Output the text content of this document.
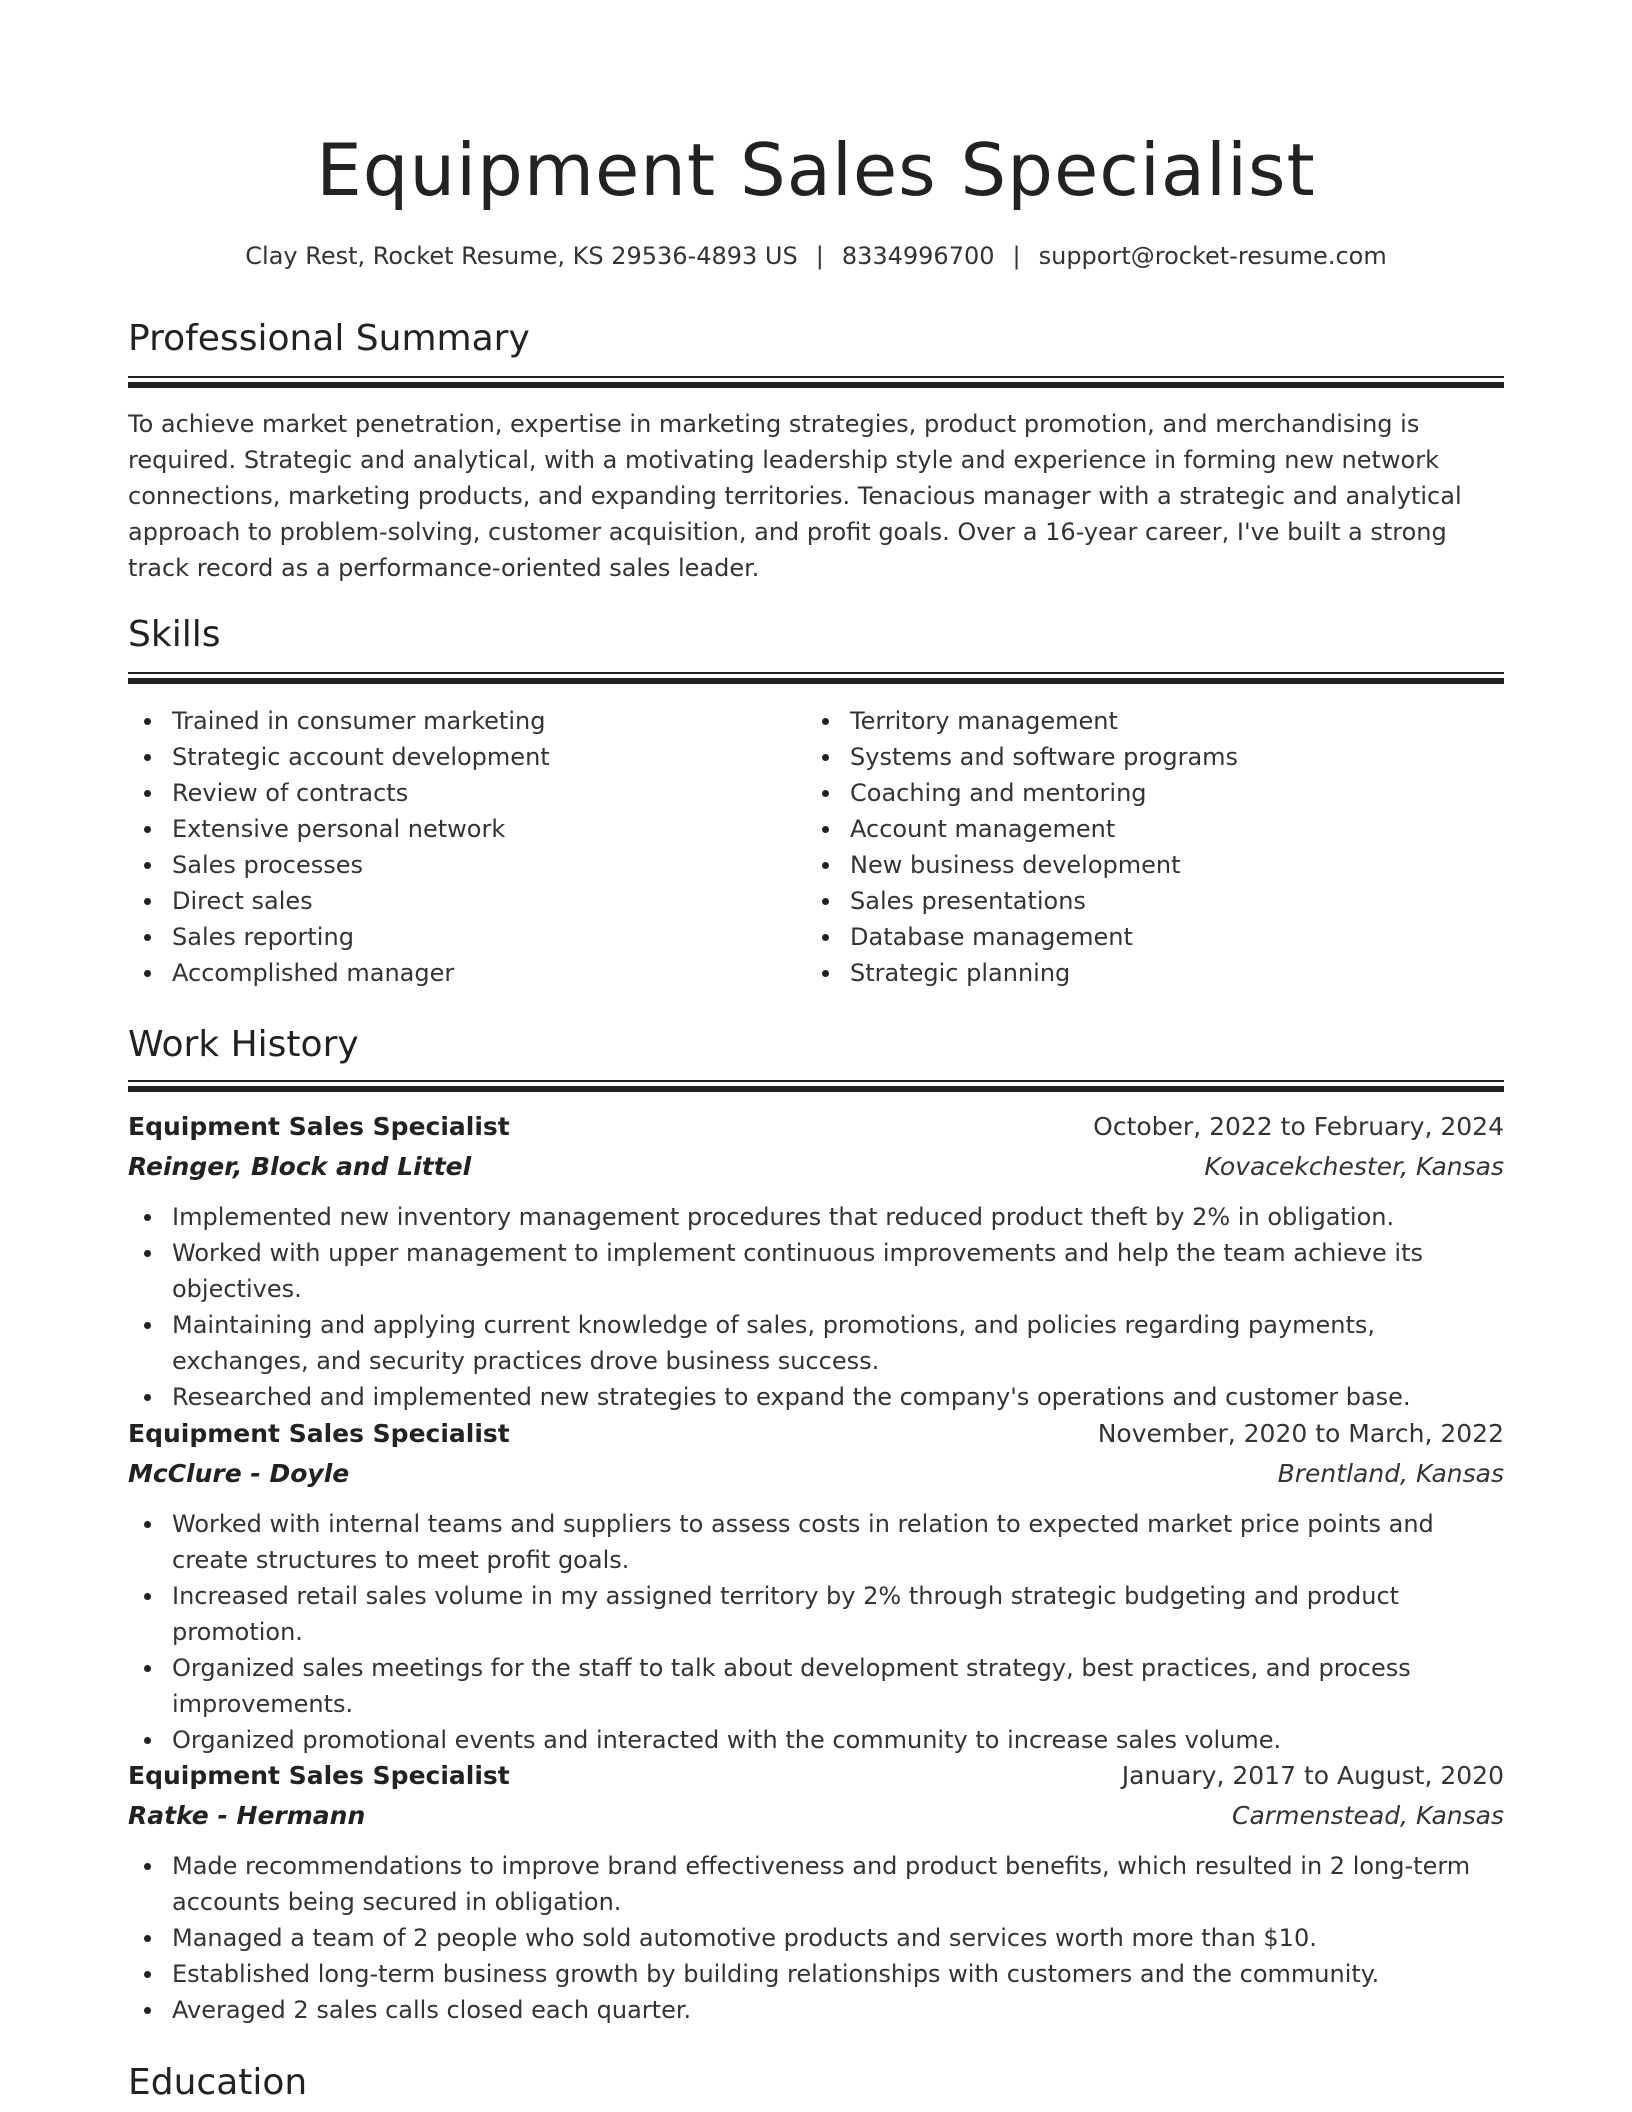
Equipment Sales Specialist
Clay Rest, Rocket Resume, KS 29536-4893 US | 8334996700 | support@rocket-resume.com
Professional Summary

To achieve market penetration, expertise in marketing strategies, product promotion, and merchandising is required. Strategic and analytical, with a motivating leadership style and experience in forming new network connections, marketing products, and expanding territories. Tenacious manager with a strategic and analytical approach to problem-solving, customer acquisition, and profit goals. Over a 16-year career, I've built a strong track record as a performance-oriented sales leader.

Skills
Trained in consumer marketing
Strategic account development
Review of contracts
Extensive personal network
Sales processes
Direct sales
Sales reporting
Accomplished manager
Territory management
Systems and software programs
Coaching and mentoring
Account management
New business development
Sales presentations
Database management
Strategic planning
Work History
Equipment Sales Specialist	October, 2022 to February, 2024
Reinger, Block and Littel	Kovacekchester, Kansas
Implemented new inventory management procedures that reduced product theft by 2% in obligation.
Worked with upper management to implement continuous improvements and help the team achieve its objectives.
Maintaining and applying current knowledge of sales, promotions, and policies regarding payments, exchanges, and security practices drove business success.
Researched and implemented new strategies to expand the company's operations and customer base.
Equipment Sales Specialist	November, 2020 to March, 2022
McClure - Doyle	Brentland, Kansas
Worked with internal teams and suppliers to assess costs in relation to expected market price points and create structures to meet profit goals.
Increased retail sales volume in my assigned territory by 2% through strategic budgeting and product promotion.
Organized sales meetings for the staff to talk about development strategy, best practices, and process improvements.
Organized promotional events and interacted with the community to increase sales volume.
Equipment Sales Specialist	January, 2017 to August, 2020
Ratke - Hermann	Carmenstead, Kansas
Made recommendations to improve brand effectiveness and product benefits, which resulted in 2 long-term accounts being secured in obligation.
Managed a team of 2 people who sold automotive products and services worth more than $10.
Established long-term business growth by building relationships with customers and the community.
Averaged 2 sales calls closed each quarter.
Education
